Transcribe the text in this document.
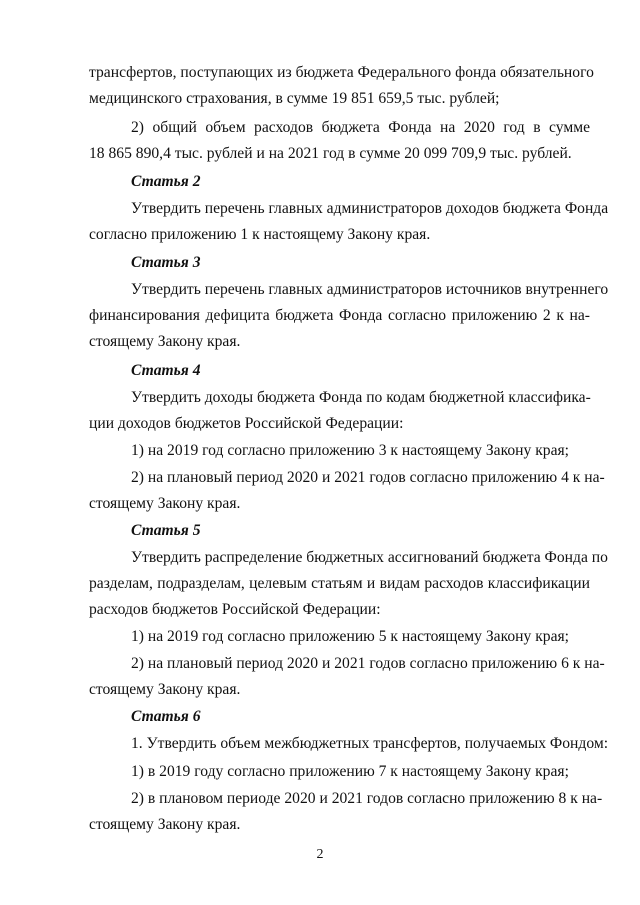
трансфертов, поступающих из бюджета Федерального фонда обязательного
медицинского страхования, в сумме 19 851 659,5 тыс. рублей;
2) общий объем расходов бюджета Фонда на 2020 год в сумме
18 865 890,4 тыс. рублей и на 2021 год в сумме 20 099 709,9 тыс. рублей.
Статья 2
Утвердить перечень главных администраторов доходов бюджета Фонда
согласно приложению 1 к настоящему Закону края.
Статья 3
Утвердить перечень главных администраторов источников внутреннего
финансирования дефицита бюджета Фонда согласно приложению 2 к на-
стоящему Закону края.
Статья 4
Утвердить доходы бюджета Фонда по кодам бюджетной классифика-
ции доходов бюджетов Российской Федерации:
1) на 2019 год согласно приложению 3 к настоящему Закону края;
2) на плановый период 2020 и 2021 годов согласно приложению 4 к на-
стоящему Закону края.
Статья 5
Утвердить распределение бюджетных ассигнований бюджета Фонда по
разделам, подразделам, целевым статьям и видам расходов классификации
расходов бюджетов Российской Федерации:
1) на 2019 год согласно приложению 5 к настоящему Закону края;
2) на плановый период 2020 и 2021 годов согласно приложению 6 к на-
стоящему Закону края.
Статья 6
1. Утвердить объем межбюджетных трансфертов, получаемых Фондом:
1) в 2019 году согласно приложению 7 к настоящему Закону края;
2) в плановом периоде 2020 и 2021 годов согласно приложению 8 к на-
стоящему Закону края.
2
